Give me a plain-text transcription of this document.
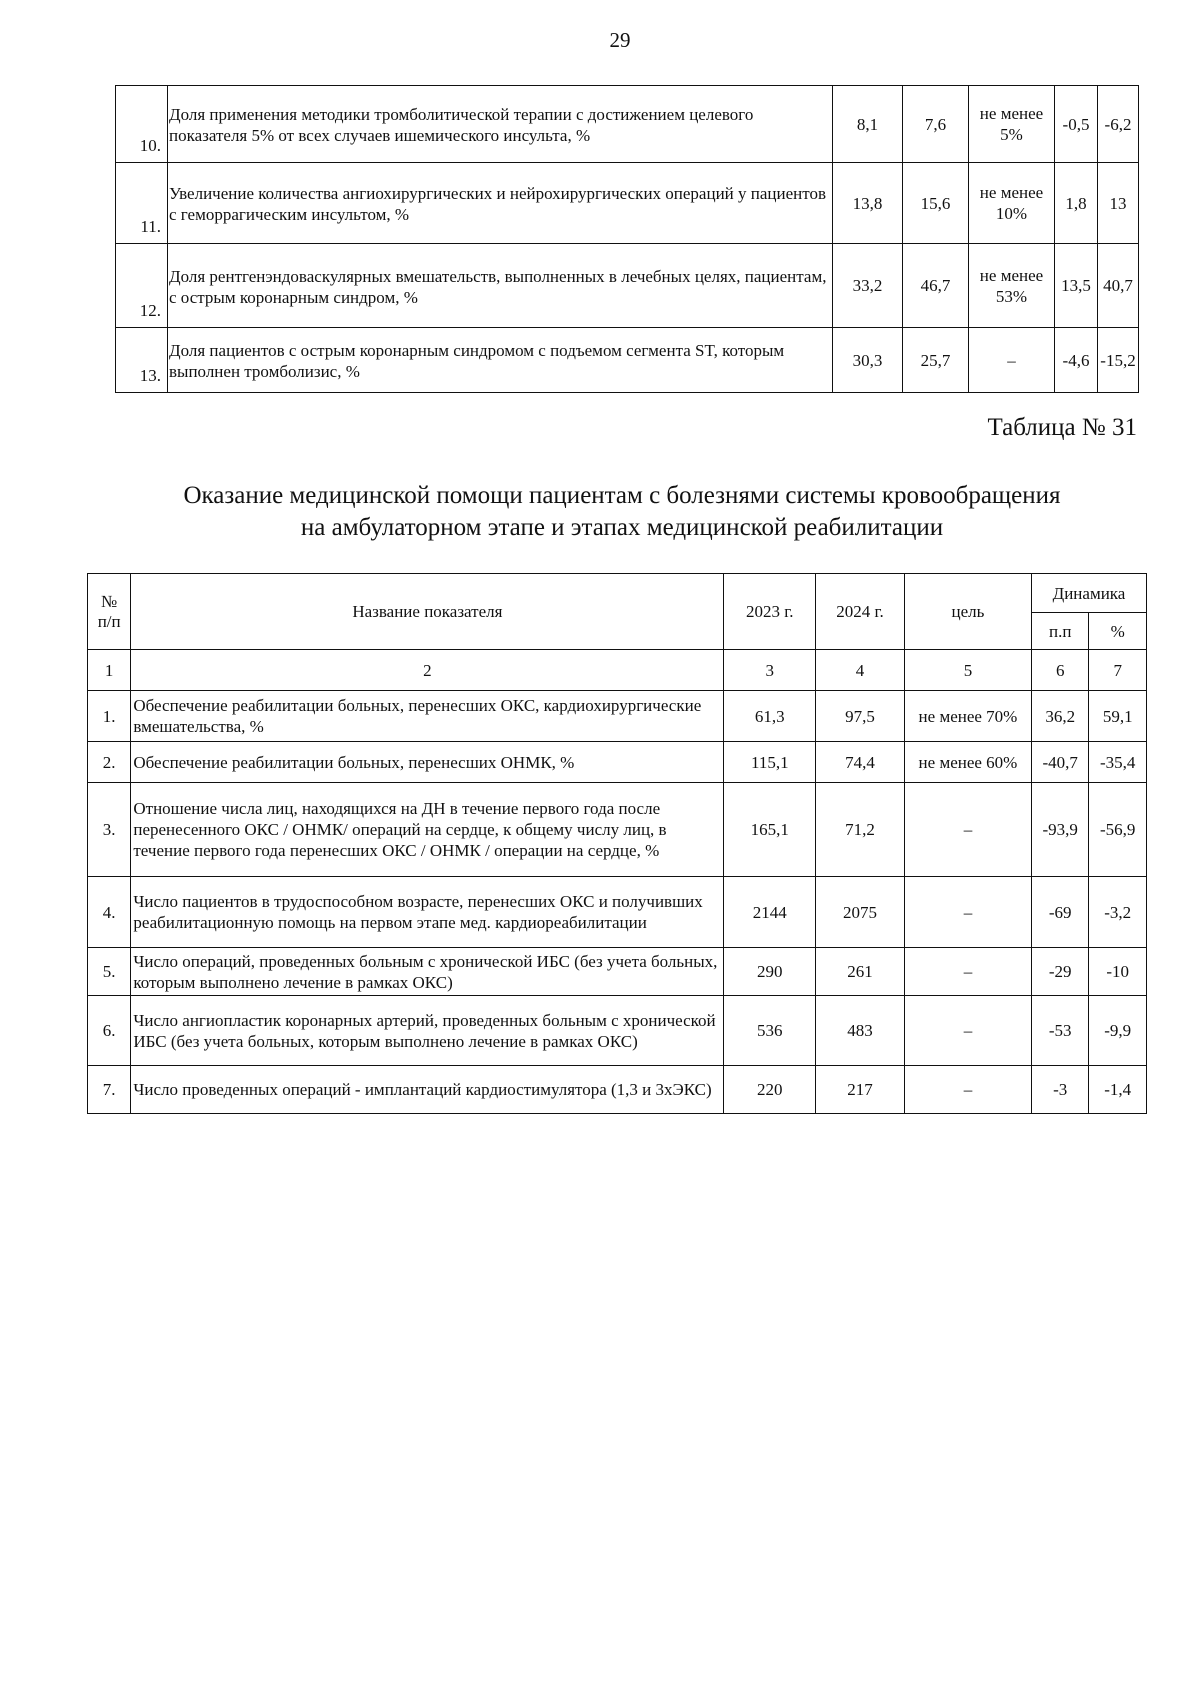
29
10.	Доля применения методики тромболитической терапии с достижением целевого показателя 5% от всех случаев ишемического инсульта, %	8,1	7,6	не менее 5%	-0,5	-6,2
11.	Увеличение количества ангиохирургических и нейрохирургических операций у пациентов с геморрагическим инсультом, %	13,8	15,6	не менее 10%	1,8	13
12.	Доля рентгенэндоваскулярных вмешательств, выполненных в лечебных целях, пациентам, с острым коронарным синдром, %	33,2	46,7	не менее 53%	13,5	40,7
13.	Доля пациентов с острым коронарным синдромом с подъемом сегмента ST, которым выполнен тромболизис, %	30,3	25,7	–	-4,6	-15,2
Таблица № 31
Оказание медицинской помощи пациентам с болезнями системы кровообращения
на амбулаторном этапе и этапах медицинской реабилитации
№ п/п	Название показателя	2023 г.	2024 г.	цель	Динамика	
					п.п	%
1	2	3	4	5	6	7
1.	Обеспечение реабилитации больных, перенесших ОКС, кардиохирургические вмешательства, %	61,3	97,5	не менее 70%	36,2	59,1
2.	Обеспечение реабилитации больных, перенесших ОНМК, %	115,1	74,4	не менее 60%	-40,7	-35,4
3.	Отношение числа лиц, находящихся на ДН в течение первого года после перенесенного ОКС / ОНМК/ операций на сердце, к общему числу лиц, в течение первого года перенесших ОКС / ОНМК / операции на сердце, %	165,1	71,2	–	-93,9	-56,9
4.	Число пациентов в трудоспособном возрасте, перенесших ОКС и получивших реабилитационную помощь на первом этапе мед. кардиореабилитации	2144	2075	–	-69	-3,2
5.	Число операций, проведенных больным с хронической ИБС (без учета больных, которым выполнено лечение в рамках ОКС)	290	261	–	-29	-10
6.	Число ангиопластик коронарных артерий, проведенных больным с хронической ИБС (без учета больных, которым выполнено лечение в рамках ОКС)	536	483	–	-53	-9,9
7.	Число проведенных операций - имплантаций кардиостимулятора (1,3 и 3хЭКС)	220	217	–	-3	-1,4
